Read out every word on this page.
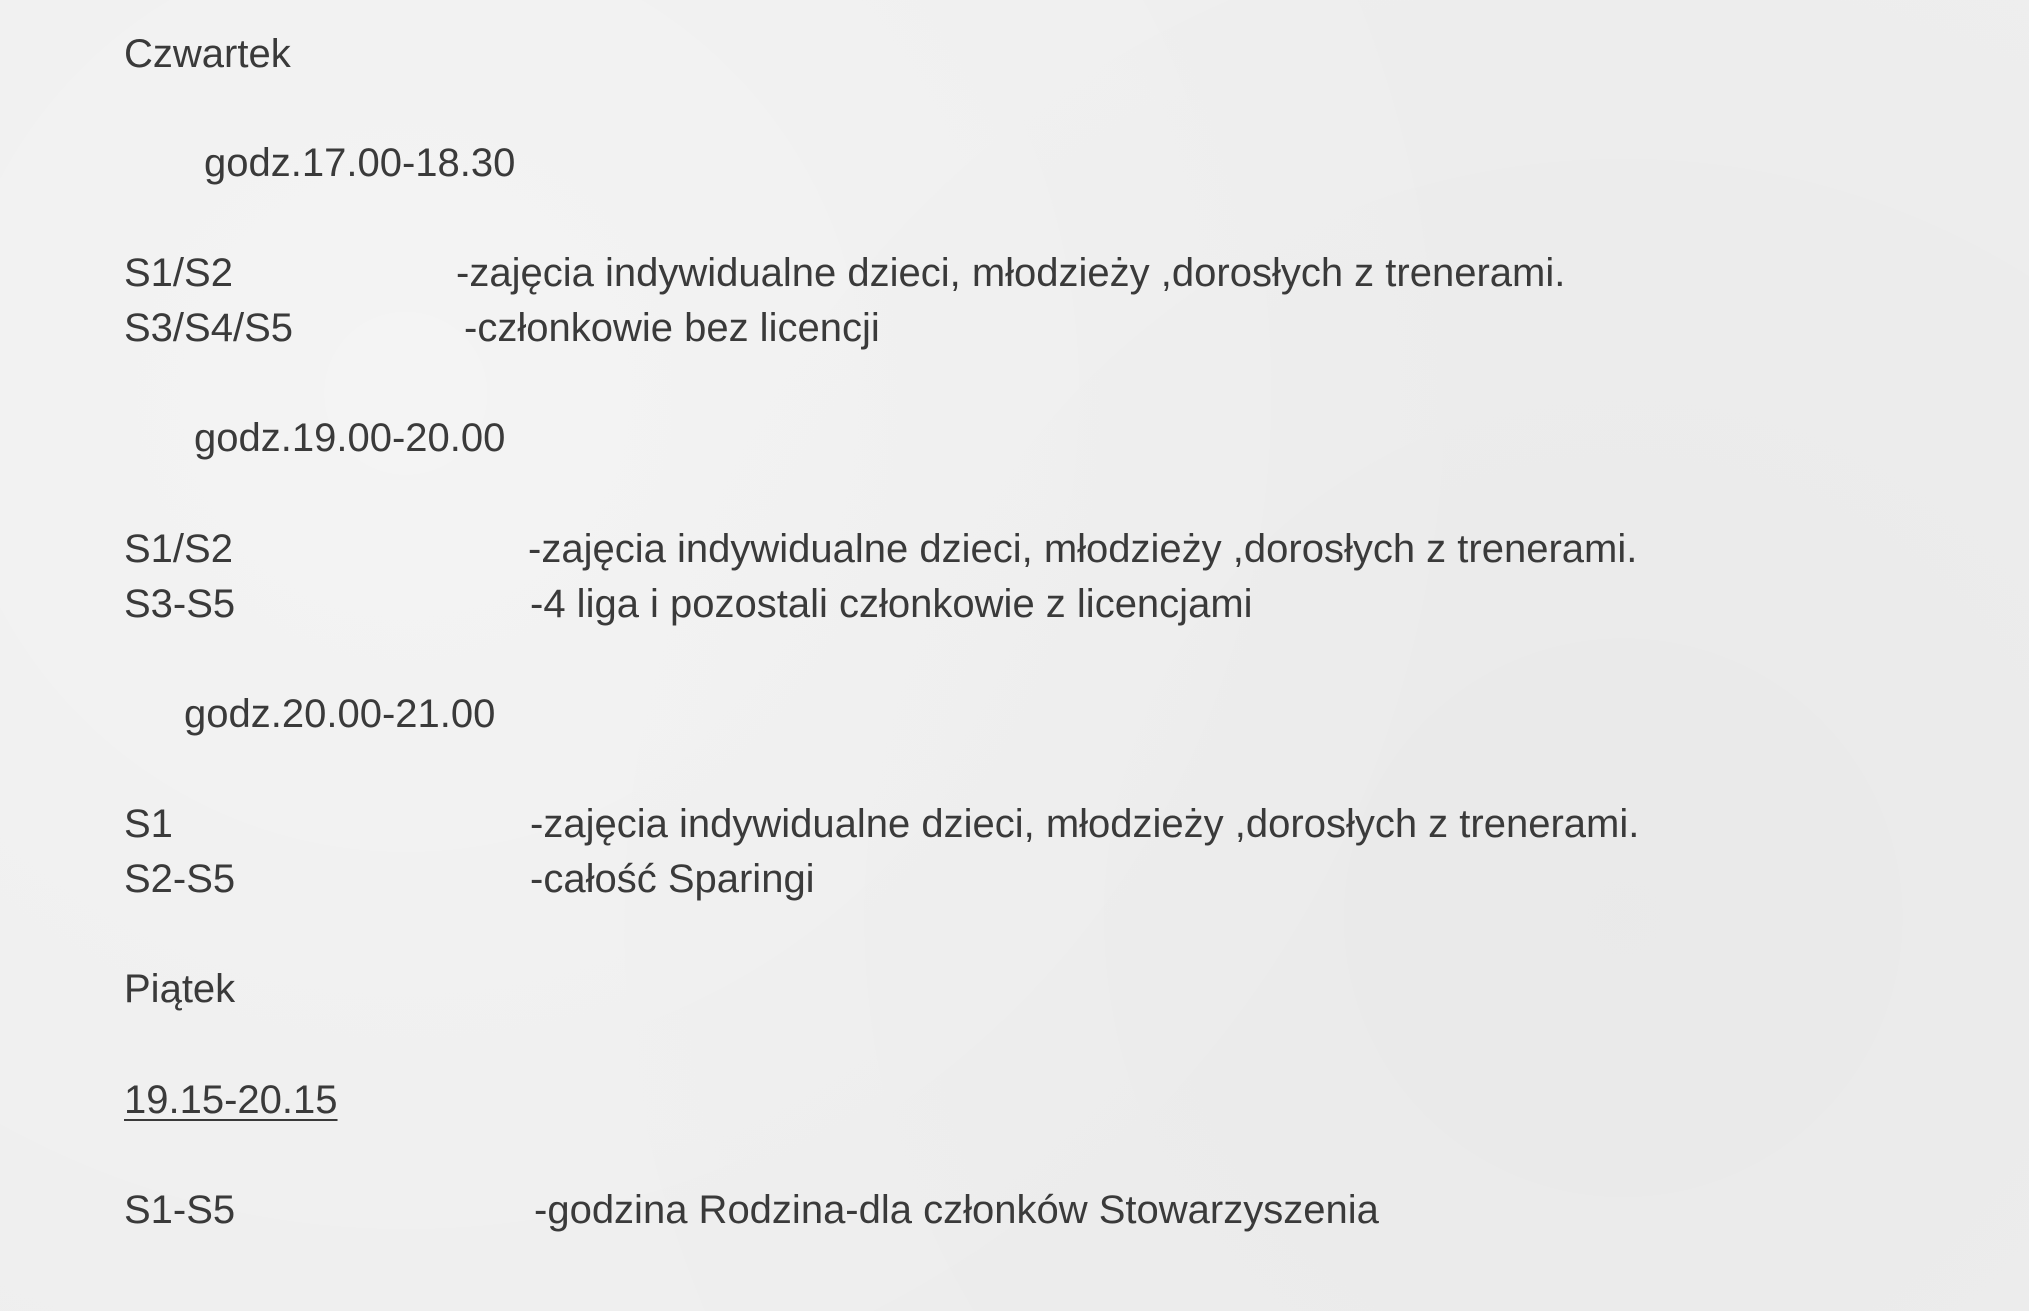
Czwartek
godz.17.00-18.30
S1/S2	-zajęcia indywidualne dzieci, młodzieży ,dorosłych z trenerami.
S3/S4/S5	-członkowie bez licencji
godz.19.00-20.00
S1/S2	-zajęcia indywidualne dzieci, młodzieży ,dorosłych z trenerami.
S3-S5	-4 liga i pozostali członkowie z licencjami
godz.20.00-21.00
S1	-zajęcia indywidualne dzieci, młodzieży ,dorosłych z trenerami.
S2-S5	-całość Sparingi
Piątek
19.15-20.15
S1-S5	-godzina Rodzina-dla członków Stowarzyszenia
